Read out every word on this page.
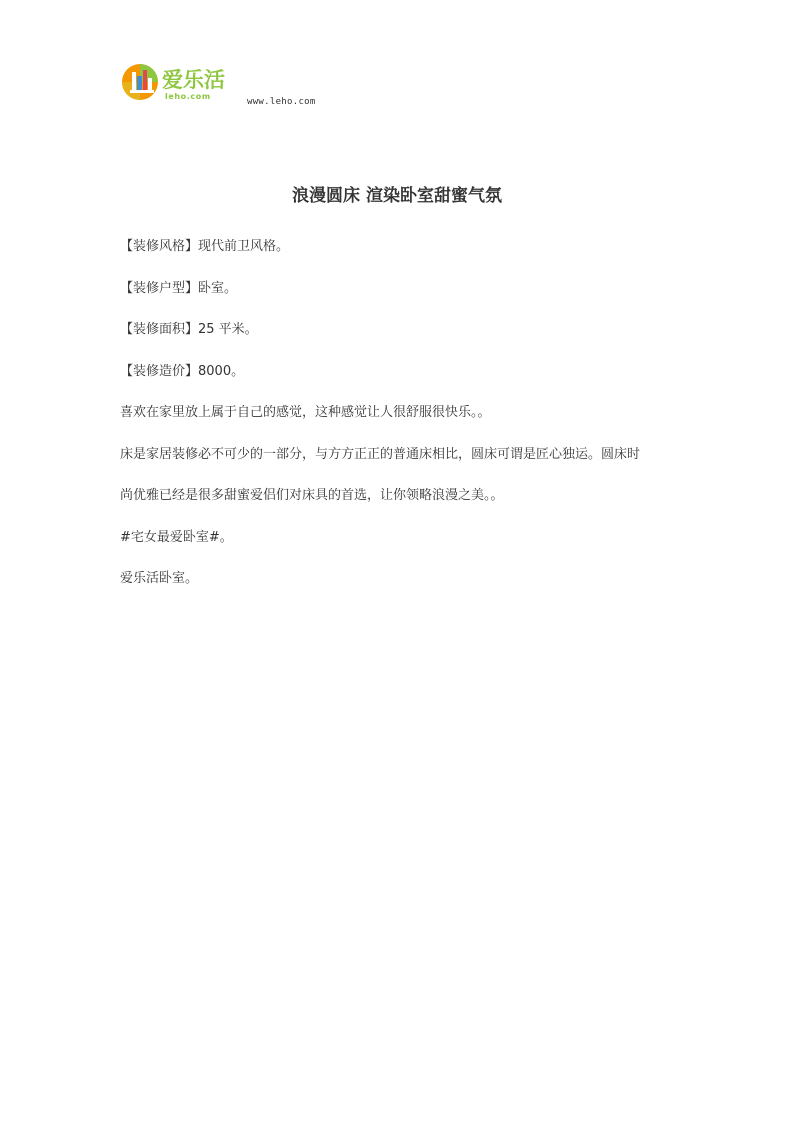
爱乐活
leho.com
www.leho.com
浪漫圆床 渲染卧室甜蜜气氛

【装修风格】现代前卫风格。

【装修户型】卧室。

【装修面积】25 平米。

【装修造价】8000。

喜欢在家里放上属于自己的感觉，这种感觉让人很舒服很快乐。。

床是家居装修必不可少的一部分，与方方正正的普通床相比，圆床可谓是匠心独运。圆床时

尚优雅已经是很多甜蜜爱侣们对床具的首选，让你领略浪漫之美。。

#宅女最爱卧室#。

爱乐活卧室。
